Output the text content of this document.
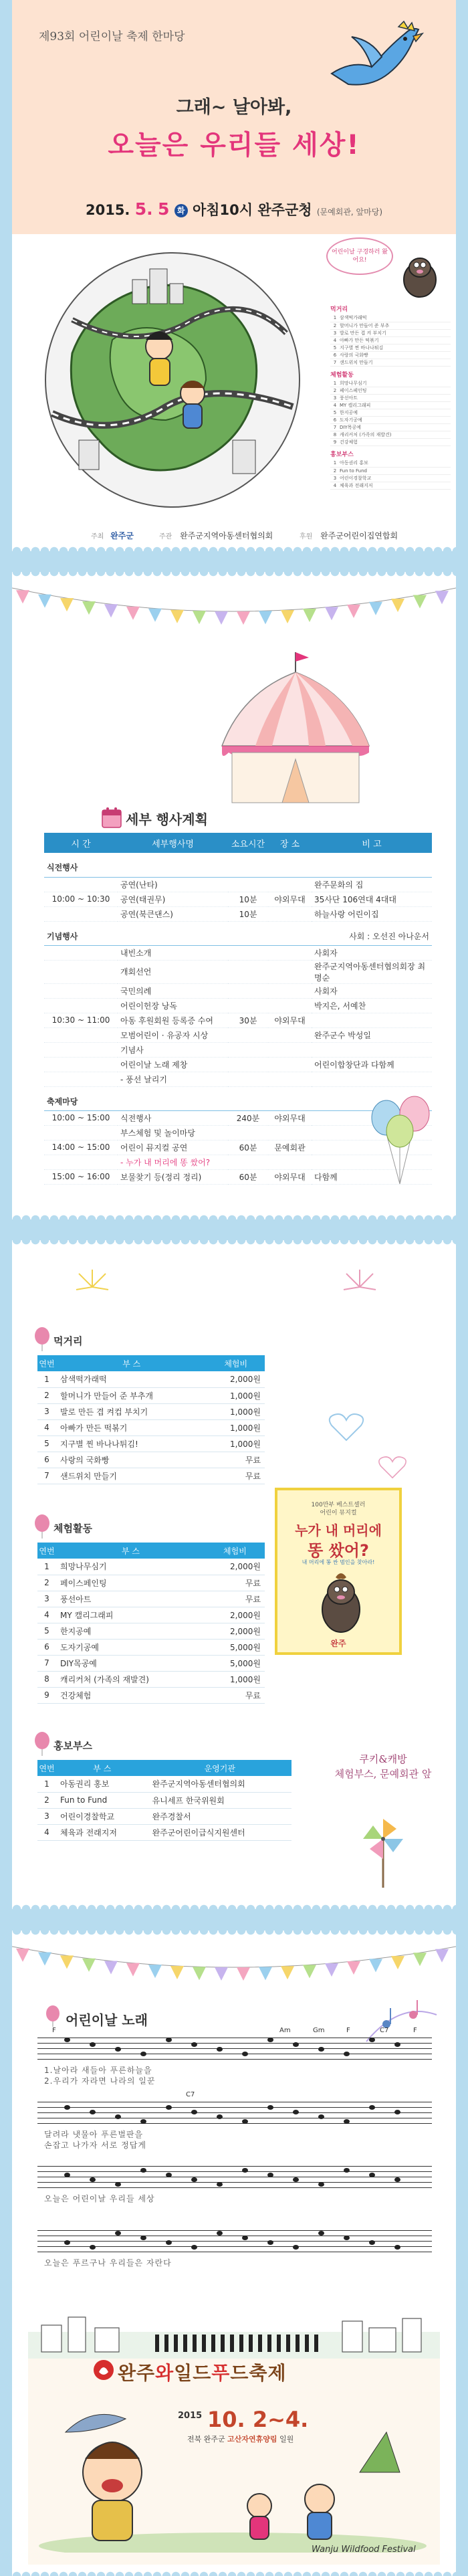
제93회 어린이날 축제 한마당
그래~ 날아봐,
오늘은 우리들 세상!
2015. 5. 5 화 아침10시 완주군청 (문예회관, 앞마당)
어린이날 구경하러 왔어요!
먹거리
1	삼색떡가래떡
2	할머니가 만들어 준 부추
3	발로 만든 겹 켜 부치기
4	아빠가 만든 떡볶기
5	지구별 찐 바나나튀김
6	사랑의 국화빵
7	샌드위치 만들기
체험활동
1	희망나무심기
2	페이스페인팅
3	풍선아트
4	MY 캘리그래피
5	한지공예
6	도자기공예
7	DIY목공예
8	캐리커처 (가족의 재발견)
9	건강체험
홍보부스
1	아동권리 홍보
2	Fun to Fund
3	어린이경찰학교
4	체육과 전래지저
주최 완주군	주관 완주군지역아동센터협의회	후원 완주군어린이집연합회
세부 행사계획
시 간	세부행사명	소요시간	장 소	비 고
식전행사				
	공연(난타)			완주문화의 집
10:00 ~ 10:30	공연(태권무)	10분	야외무대	35사단 106연대 4대대
	공연(북큰댄스)	10분		하늘사랑 어린이집
기념행사				사회 : 오선진 아나운서
	내빈소개			사회자
	개회선언			완주군지역아동센터협의회장 최명순
	국민의례			사회자
	어린이헌장 낭독			박지은, 서예찬
10:30 ~ 11:00	아동 후원회원 등록증 수여	30분	야외무대	
	모범어린이 · 유공자 시상			완주군수 박성일
	기념사			
	어린이날 노래 제창			어린이합창단과 다함께
	- 풍선 날리기			
축제마당				
10:00 ~ 15:00	식전행사	240분	야외무대	
	부스체험 및 놀이마당			
14:00 ~ 15:00	어린이 뮤지컬 공연	60분	문예회관	
	- 누가 내 머리에 똥 쌌어?			
15:00 ~ 16:00	보물찾기 등(정리 정리)	60분	야외무대	다함께
먹거리
연번	부 스	체험비
1	삼색떡가래떡	2,000원
2	할머니가 만들어 준 부추개	1,000원
3	발로 만든 겹 켜컵 부치기	1,000원
4	아빠가 만든 떡볶기	1,000원
5	지구별 찐 바나나튀김!	1,000원
6	사랑의 국화빵	무료
7	샌드위치 만들기	무료
체험활동
연번	부 스	체험비
1	희망나무심기	2,000원
2	페이스페인팅	무료
3	풍선아트	무료
4	MY 캘리그래피	2,000원
5	한지공예	2,000원
6	도자기공예	5,000원
7	DIY목공예	5,000원
8	캐리커처 (가족의 재발견)	1,000원
9	건강체험	무료
홍보부스
연번	부 스	운영기관
1	아동권리 홍보	완주군지역아동센터협의회
2	Fun to Fund	유니세프 한국위원회
3	어린이경찰학교	완주경찰서
4	체육과 전래지저	완주군어린이급식지원센터
100만부 베스트셀러
어린이 뮤지컬
누가 내 머리에
똥 쌌어?
내 머리에 똥 싼 범인을 찾아라!
완주
쿠키&캐방
체험부스, 문예회관 앞
어린이날 노래
F
1.날아라 새들아 푸른하늘을
2.우리가 자라면 나라의 일꾼
C7
달려라 냇물아 푸른벌판을
손잡고 나가자 서로 정답게
오늘은 어린이날 우리들 세상
오늘은 푸르구나 우리들은 자란다
Am	Gm	F	C7	F
완주와일드푸드축제
2015 10. 2~4.
전북 완주군 고산자연휴양림 일원
Wanju Wildfood Festival
